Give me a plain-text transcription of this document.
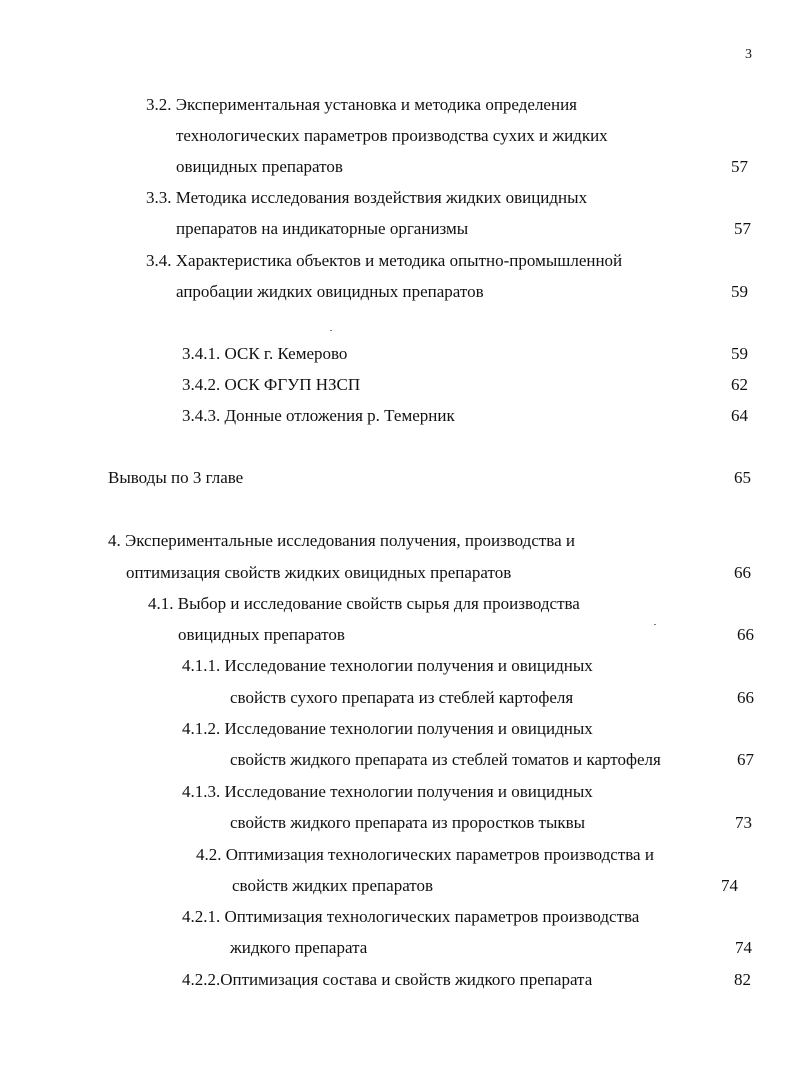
3
3.2. Экспериментальная установка и методика определения
технологических параметров производства сухих и жидких
овицидных препаратов	57
3.3. Методика исследования воздействия жидких овицидных
препаратов на индикаторные организмы	57
3.4. Характеристика объектов и методика опытно-промышленной
апробации жидких овицидных препаратов	59
3.4.1. ОСК г. Кемерово	59
3.4.2. ОСК ФГУП НЗСП	62
3.4.3. Донные отложения р. Темерник	64
Выводы по 3 главе	65
4. Экспериментальные исследования получения, производства и
оптимизация свойств жидких овицидных препаратов	66
4.1. Выбор и исследование свойств сырья для производства
овицидных препаратов	66
4.1.1. Исследование технологии получения и овицидных
свойств сухого препарата из стеблей картофеля	66
4.1.2. Исследование технологии получения и овицидных
свойств жидкого препарата из стеблей томатов и картофеля	67
4.1.3. Исследование технологии получения и овицидных
свойств жидкого препарата из проростков тыквы	73
4.2. Оптимизация технологических параметров производства и
свойств жидких препаратов	74
4.2.1. Оптимизация технологических параметров производства
жидкого препарата	74
4.2.2.Оптимизация состава и свойств жидкого препарата	82
